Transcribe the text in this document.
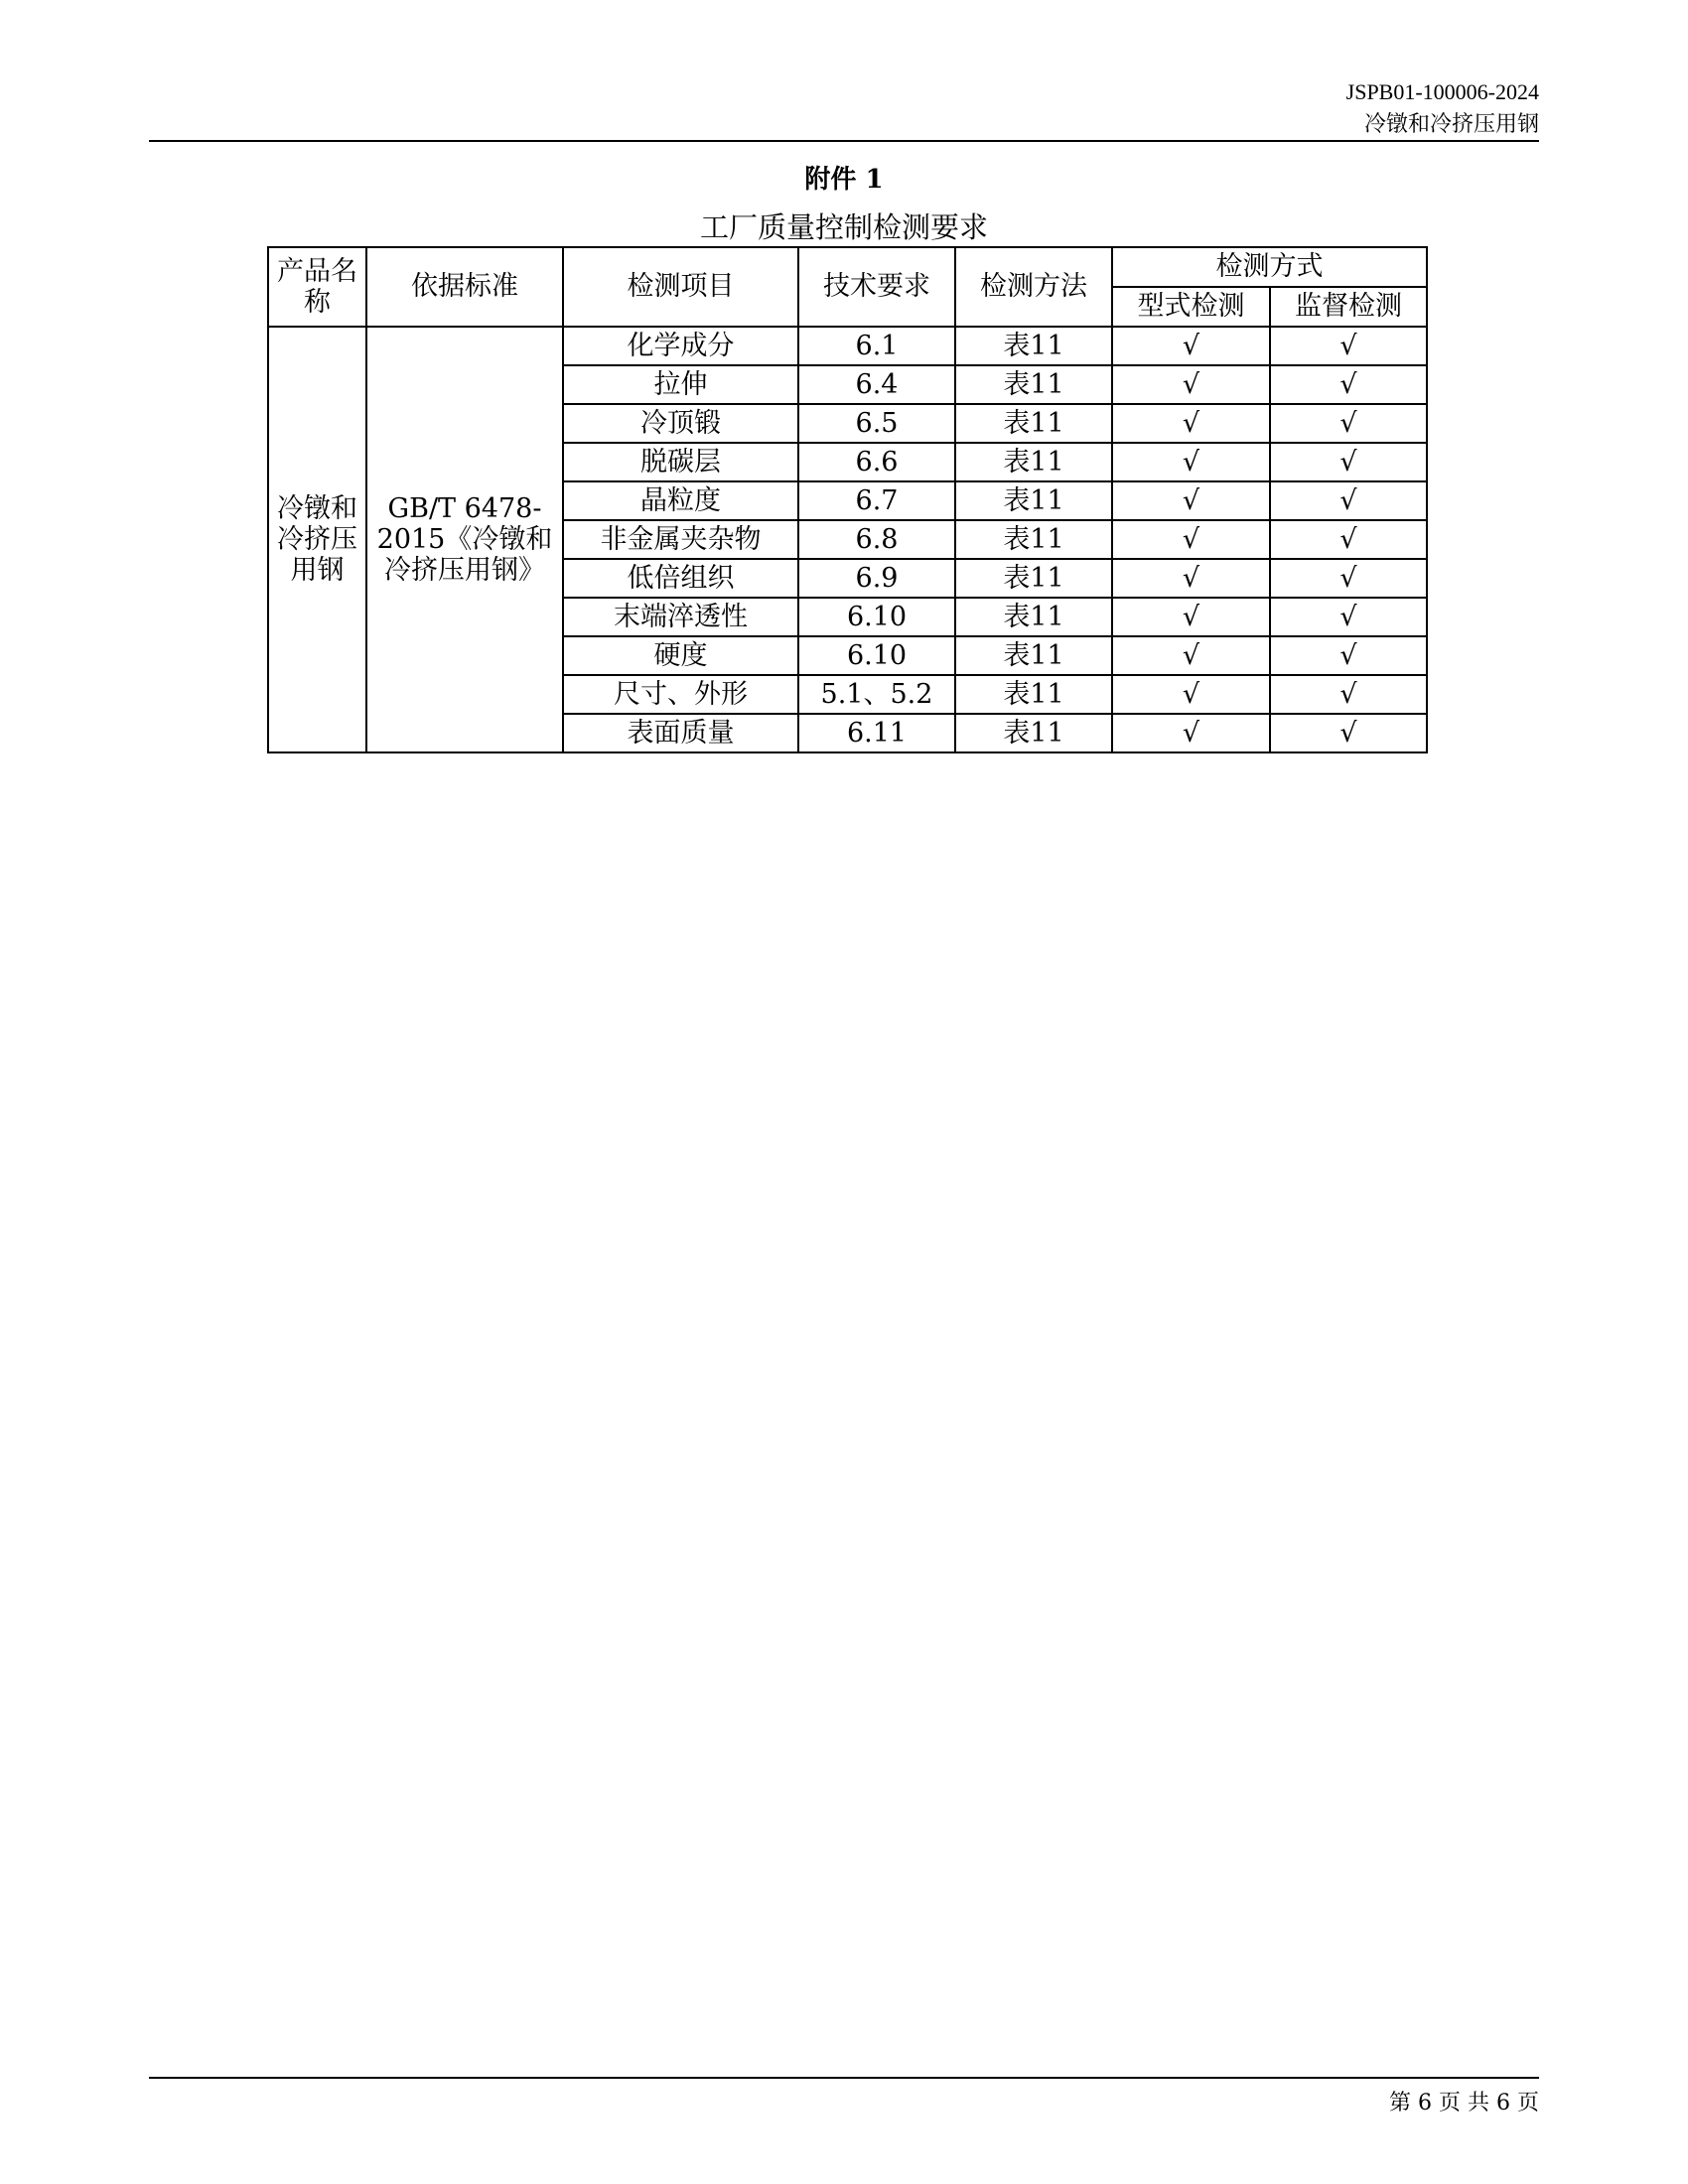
JSPB01-100006-2024
冷镦和冷挤压用钢
附件 1
工厂质量控制检测要求
产品名称	依据标准	检测项目	技术要求	检测方法	检测方式	
					型式检测	监督检测
冷镦和冷挤压用钢	GB/T 6478-2015《冷镦和冷挤压用钢》	化学成分	6.1	表11	√	√
		拉伸	6.4	表11	√	√
		冷顶锻	6.5	表11	√	√
		脱碳层	6.6	表11	√	√
		晶粒度	6.7	表11	√	√
		非金属夹杂物	6.8	表11	√	√
		低倍组织	6.9	表11	√	√
		末端淬透性	6.10	表11	√	√
		硬度	6.10	表11	√	√
		尺寸、外形	5.1、5.2	表11	√	√
		表面质量	6.11	表11	√	√
第 6 页 共 6 页
